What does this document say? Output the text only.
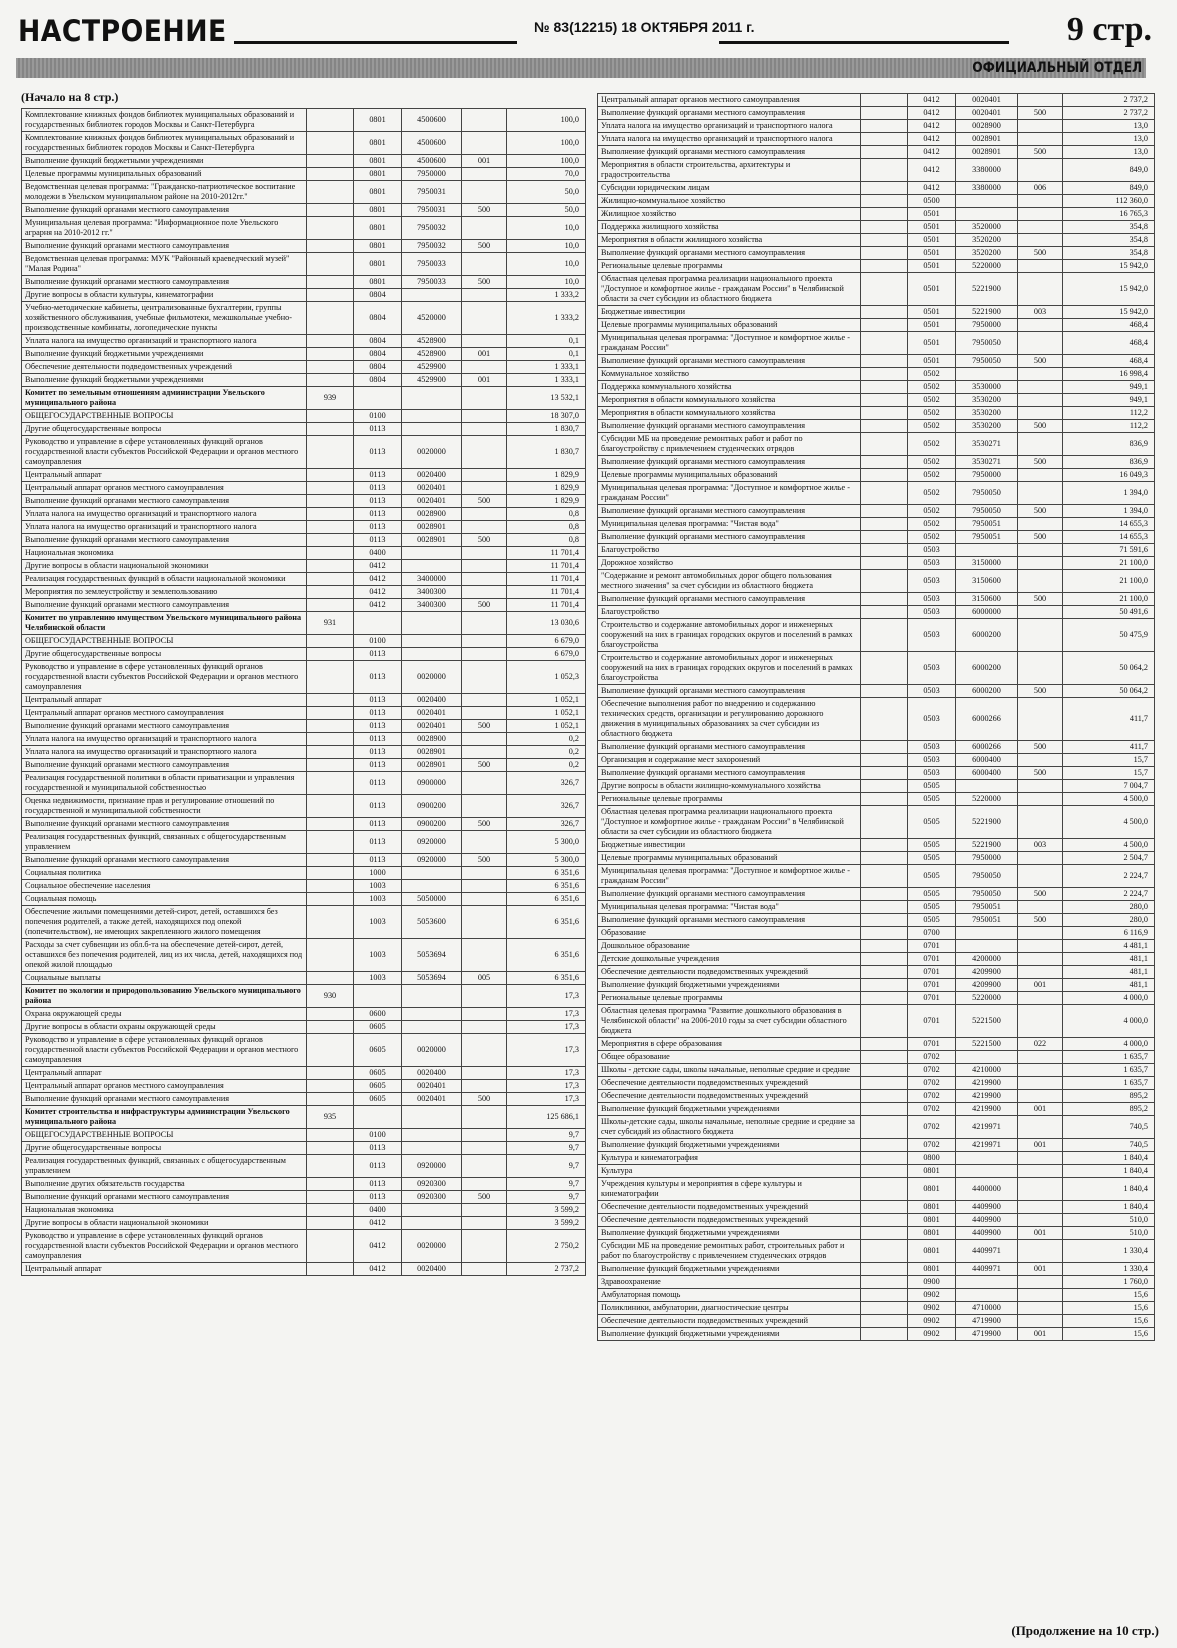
НАСТРОЕНИЕ	№ 83(12215) 18 ОКТЯБРЯ 2011 г.	9 стр.
ОФИЦИАЛЬНЫЙ ОТДЕЛ
(Начало на 8 стр.)
Комплектование книжных фондов библиотек муниципальных образований и государственных библиотек городов Москвы и Санкт-Петербурга		0801	4500600		100,0
Комплектование книжных фондов библиотек муниципальных образований и государственных библиотек городов Москвы и Санкт-Петербурга		0801	4500600		100,0
Выполнение функций бюджетными учреждениями		0801	4500600	001	100,0
Целевые программы муниципальных образований		0801	7950000		70,0
Ведомственная целевая программа: "Гражданско-патриотическое воспитание молодежи в Увельском муниципальном районе на 2010-2012гг."		0801	7950031		50,0
Выполнение функций органами местного самоуправления		0801	7950031	500	50,0
Муниципальная целевая программа: "Информационное поле Увельского аграрня на 2010-2012 гг."		0801	7950032		10,0
Выполнение функций органами местного самоуправления		0801	7950032	500	10,0
Ведомственная целевая программа: МУК "Районный краеведческий музей" "Малая Родина"		0801	7950033		10,0
Выполнение функций органами местного самоуправления		0801	7950033	500	10,0
Другие вопросы в области культуры, кинематографии		0804			1 333,2
Учебно-методические кабинеты, централизованные бухгалтерии, группы хозяйственного обслуживания, учебные фильмотеки, межшкольные учебно-производственные комбинаты, логопедические пункты		0804	4520000		1 333,2
Уплата налога на имущество организаций и транспортного налога		0804	4528900		0,1
Выполнение функций бюджетными учреждениями		0804	4528900	001	0,1
Обеспечение деятельности подведомственных учреждений		0804	4529900		1 333,1
Выполнение функций бюджетными учреждениями		0804	4529900	001	1 333,1
Комитет по земельным отношениям администрации Увельского муниципального района	939				13 532,1
ОБЩЕГОСУДАРСТВЕННЫЕ ВОПРОСЫ		0100			18 307,0
Другие общегосударственные вопросы		0113			1 830,7
Руководство и управление в сфере установленных функций органов государственной власти субъектов Российской Федерации и органов местного самоуправления		0113	0020000		1 830,7
Центральный аппарат		0113	0020400		1 829,9
Центральный аппарат органов местного самоуправления		0113	0020401		1 829,9
Выполнение функций органами местного самоуправления		0113	0020401	500	1 829,9
Уплата налога на имущество организаций и транспортного налога		0113	0028900		0,8
Уплата налога на имущество организаций и транспортного налога		0113	0028901		0,8
Выполнение функций органами местного самоуправления		0113	0028901	500	0,8
Национальная экономика		0400			11 701,4
Другие вопросы в области национальной экономики		0412			11 701,4
Реализация государственных функций в области национальной экономики		0412	3400000		11 701,4
Мероприятия по землеустройству и землепользованию		0412	3400300		11 701,4
Выполнение функций органами местного самоуправления		0412	3400300	500	11 701,4
Комитет по управлению имуществом Увельского муниципального района Челябинской области	931				13 030,6
ОБЩЕГОСУДАРСТВЕННЫЕ ВОПРОСЫ		0100			6 679,0
Другие общегосударственные вопросы		0113			6 679,0
Руководство и управление в сфере установленных функций органов государственной власти субъектов Российской Федерации и органов местного самоуправления		0113	0020000		1 052,3
Центральный аппарат		0113	0020400		1 052,1
Центральный аппарат органов местного самоуправления		0113	0020401		1 052,1
Выполнение функций органами местного самоуправления		0113	0020401	500	1 052,1
Уплата налога на имущество организаций и транспортного налога		0113	0028900		0,2
Уплата налога на имущество организаций и транспортного налога		0113	0028901		0,2
Выполнение функций органами местного самоуправления		0113	0028901	500	0,2
Реализация государственной политики в области приватизации и управления государственной и муниципальной собственностью		0113	0900000		326,7
Оценка недвижимости, признание прав и регулирование отношений по государственной и муниципальной собственности		0113	0900200		326,7
Выполнение функций органами местного самоуправления		0113	0900200	500	326,7
Реализация государственных функций, связанных с общегосударственным управлением		0113	0920000		5 300,0
Выполнение функций органами местного самоуправления		0113	0920000	500	5 300,0
Социальная политика		1000			6 351,6
Социальное обеспечение населения		1003			6 351,6
Социальная помощь		1003	5050000		6 351,6
Обеспечение жилыми помещениями детей-сирот, детей, оставшихся без попечения родителей, а также детей, находящихся под опекой (попечительством), не имеющих закрепленного жилого помещения		1003	5053600		6 351,6
Расходы за счет субвенции из обл.б-та на обеспечение детей-сирот, детей, оставшихся без попечения родителей, лиц из их числа, детей, находящихся под опекой жилой площадью		1003	5053694		6 351,6
Социальные выплаты		1003	5053694	005	6 351,6
Комитет по экологии и природопользованию Увельского муниципального района	930				17,3
Охрана окружающей среды		0600			17,3
Другие вопросы в области охраны окружающей среды		0605			17,3
Руководство и управление в сфере установленных функций органов государственной власти субъектов Российской Федерации и органов местного самоуправления		0605	0020000		17,3
Центральный аппарат		0605	0020400		17,3
Центральный аппарат органов местного самоуправления		0605	0020401		17,3
Выполнение функций органами местного самоуправления		0605	0020401	500	17,3
Комитет строительства и инфраструктуры администрации Увельского муниципального района	935				125 686,1
ОБЩЕГОСУДАРСТВЕННЫЕ ВОПРОСЫ		0100			9,7
Другие общегосударственные вопросы		0113			9,7
Реализация государственных функций, связанных с общегосударственным управлением		0113	0920000		9,7
Выполнение других обязательств государства		0113	0920300		9,7
Выполнение функций органами местного самоуправления		0113	0920300	500	9,7
Национальная экономика		0400			3 599,2
Другие вопросы в области национальной экономики		0412			3 599,2
Руководство и управление в сфере установленных функций органов государственной власти субъектов Российской Федерации и органов местного самоуправления		0412	0020000		2 750,2
Центральный аппарат		0412	0020400		2 737,2
Центральный аппарат органов местного самоуправления		0412	0020401		2 737,2
Выполнение функций органами местного самоуправления		0412	0020401	500	2 737,2
Уплата налога на имущество организаций и транспортного налога		0412	0028900		13,0
Уплата налога на имущество организаций и транспортного налога		0412	0028901		13,0
Выполнение функций органами местного самоуправления		0412	0028901	500	13,0
Мероприятия в области строительства, архитектуры и градостроительства		0412	3380000		849,0
Субсидии юридическим лицам		0412	3380000	006	849,0
Жилищно-коммунальное хозяйство		0500			112 360,0
Жилищное хозяйство		0501			16 765,3
Поддержка жилищного хозяйства		0501	3520000		354,8
Мероприятия в области жилищного хозяйства		0501	3520200		354,8
Выполнение функций органами местного самоуправления		0501	3520200	500	354,8
Региональные целевые программы		0501	5220000		15 942,0
Областная целевая программа реализации национального проекта "Доступное и комфортное жилье - гражданам России" в Челябинской области за счет субсидии из областного бюджета		0501	5221900		15 942,0
Бюджетные инвестиции		0501	5221900	003	15 942,0
Целевые программы муниципальных образований		0501	7950000		468,4
Муниципальная целевая программа: "Доступное и комфортное жилье - гражданам России"		0501	7950050		468,4
Выполнение функций органами местного самоуправления		0501	7950050	500	468,4
Коммунальное хозяйство		0502			16 998,4
Поддержка коммунального хозяйства		0502	3530000		949,1
Мероприятия в области коммунального хозяйства		0502	3530200		949,1
Мероприятия в области коммунального хозяйства		0502	3530200		112,2
Выполнение функций органами местного самоуправления		0502	3530200	500	112,2
Субсидии МБ на проведение ремонтных работ и работ по благоустройству с привлечением студенческих отрядов		0502	3530271		836,9
Выполнение функций органами местного самоуправления		0502	3530271	500	836,9
Целевые программы муниципальных образований		0502	7950000		16 049,3
Муниципальная целевая программа: "Доступное и комфортное жилье - гражданам России"		0502	7950050		1 394,0
Выполнение функций органами местного самоуправления		0502	7950050	500	1 394,0
Муниципальная целевая программа: "Чистая вода"		0502	7950051		14 655,3
Выполнение функций органами местного самоуправления		0502	7950051	500	14 655,3
Благоустройство		0503			71 591,6
Дорожное хозяйство		0503	3150000		21 100,0
"Содержание и ремонт автомобильных дорог общего пользования местного значения" за счет субсидии из областного бюджета		0503	3150600		21 100,0
Выполнение функций органами местного самоуправления		0503	3150600	500	21 100,0
Благоустройство		0503	6000000		50 491,6
Строительство и содержание автомобильных дорог и инженерных сооружений на них в границах городских округов и поселений в рамках благоустройства		0503	6000200		50 475,9
Строительство и содержание автомобильных дорог и инженерных сооружений на них в границах городских округов и поселений в рамках благоустройства		0503	6000200		50 064,2
Выполнение функций органами местного самоуправления		0503	6000200	500	50 064,2
Обеспечение выполнения работ по внедрению и содержанию технических средств, организации и регулированию дорожного движения в муниципальных образованиях за счет субсидии из областного бюджета		0503	6000266		411,7
Выполнение функций органами местного самоуправления		0503	6000266	500	411,7
Организация и содержание мест захоронений		0503	6000400		15,7
Выполнение функций органами местного самоуправления		0503	6000400	500	15,7
Другие вопросы в области жилищно-коммунального хозяйства		0505			7 004,7
Региональные целевые программы		0505	5220000		4 500,0
Областная целевая программа реализации национального проекта "Доступное и комфортное жилье - гражданам России" в Челябинской области за счет субсидии из областного бюджета		0505	5221900		4 500,0
Бюджетные инвестиции		0505	5221900	003	4 500,0
Целевые программы муниципальных образований		0505	7950000		2 504,7
Муниципальная целевая программа: "Доступное и комфортное жилье - гражданам России"		0505	7950050		2 224,7
Выполнение функций органами местного самоуправления		0505	7950050	500	2 224,7
Муниципальная целевая программа: "Чистая вода"		0505	7950051		280,0
Выполнение функций органами местного самоуправления		0505	7950051	500	280,0
Образование		0700			6 116,9
Дошкольное образование		0701			4 481,1
Детские дошкольные учреждения		0701	4200000		481,1
Обеспечение деятельности подведомственных учреждений		0701	4209900		481,1
Выполнение функций бюджетными учреждениями		0701	4209900	001	481,1
Региональные целевые программы		0701	5220000		4 000,0
Областная целевая программа "Развитие дошкольного образования в Челябинской области" на 2006-2010 годы за счет субсидии областного бюджета		0701	5221500		4 000,0
Мероприятия в сфере образования		0701	5221500	022	4 000,0
Общее образование		0702			1 635,7
Школы - детские сады, школы начальные, неполные средние и средние		0702	4210000		1 635,7
Обеспечение деятельности подведомственных учреждений		0702	4219900		1 635,7
Обеспечение деятельности подведомственных учреждений		0702	4219900		895,2
Выполнение функций бюджетными учреждениями		0702	4219900	001	895,2
Школы-детские сады, школы начальные, неполные средние и средние за счет субсидий из областного бюджета		0702	4219971		740,5
Выполнение функций бюджетными учреждениями		0702	4219971	001	740,5
Культура и кинематография		0800			1 840,4
Культура		0801			1 840,4
Учреждения культуры и мероприятия в сфере культуры и кинематографии		0801	4400000		1 840,4
Обеспечение деятельности подведомственных учреждений		0801	4409900		1 840,4
Обеспечение деятельности подведомственных учреждений		0801	4409900		510,0
Выполнение функций бюджетными учреждениями		0801	4409900	001	510,0
Субсидии МБ на проведение ремонтных работ, строительных работ и работ по благоустройству с привлечением студенческих отрядов		0801	4409971		1 330,4
Выполнение функций бюджетными учреждениями		0801	4409971	001	1 330,4
Здравоохранение		0900			1 760,0
Амбулаторная помощь		0902			15,6
Поликлиники, амбулатории, диагностические центры		0902	4710000		15,6
Обеспечение деятельности подведомственных учреждений		0902	4719900		15,6
Выполнение функций бюджетными учреждениями		0902	4719900	001	15,6
(Продолжение на 10 стр.)
